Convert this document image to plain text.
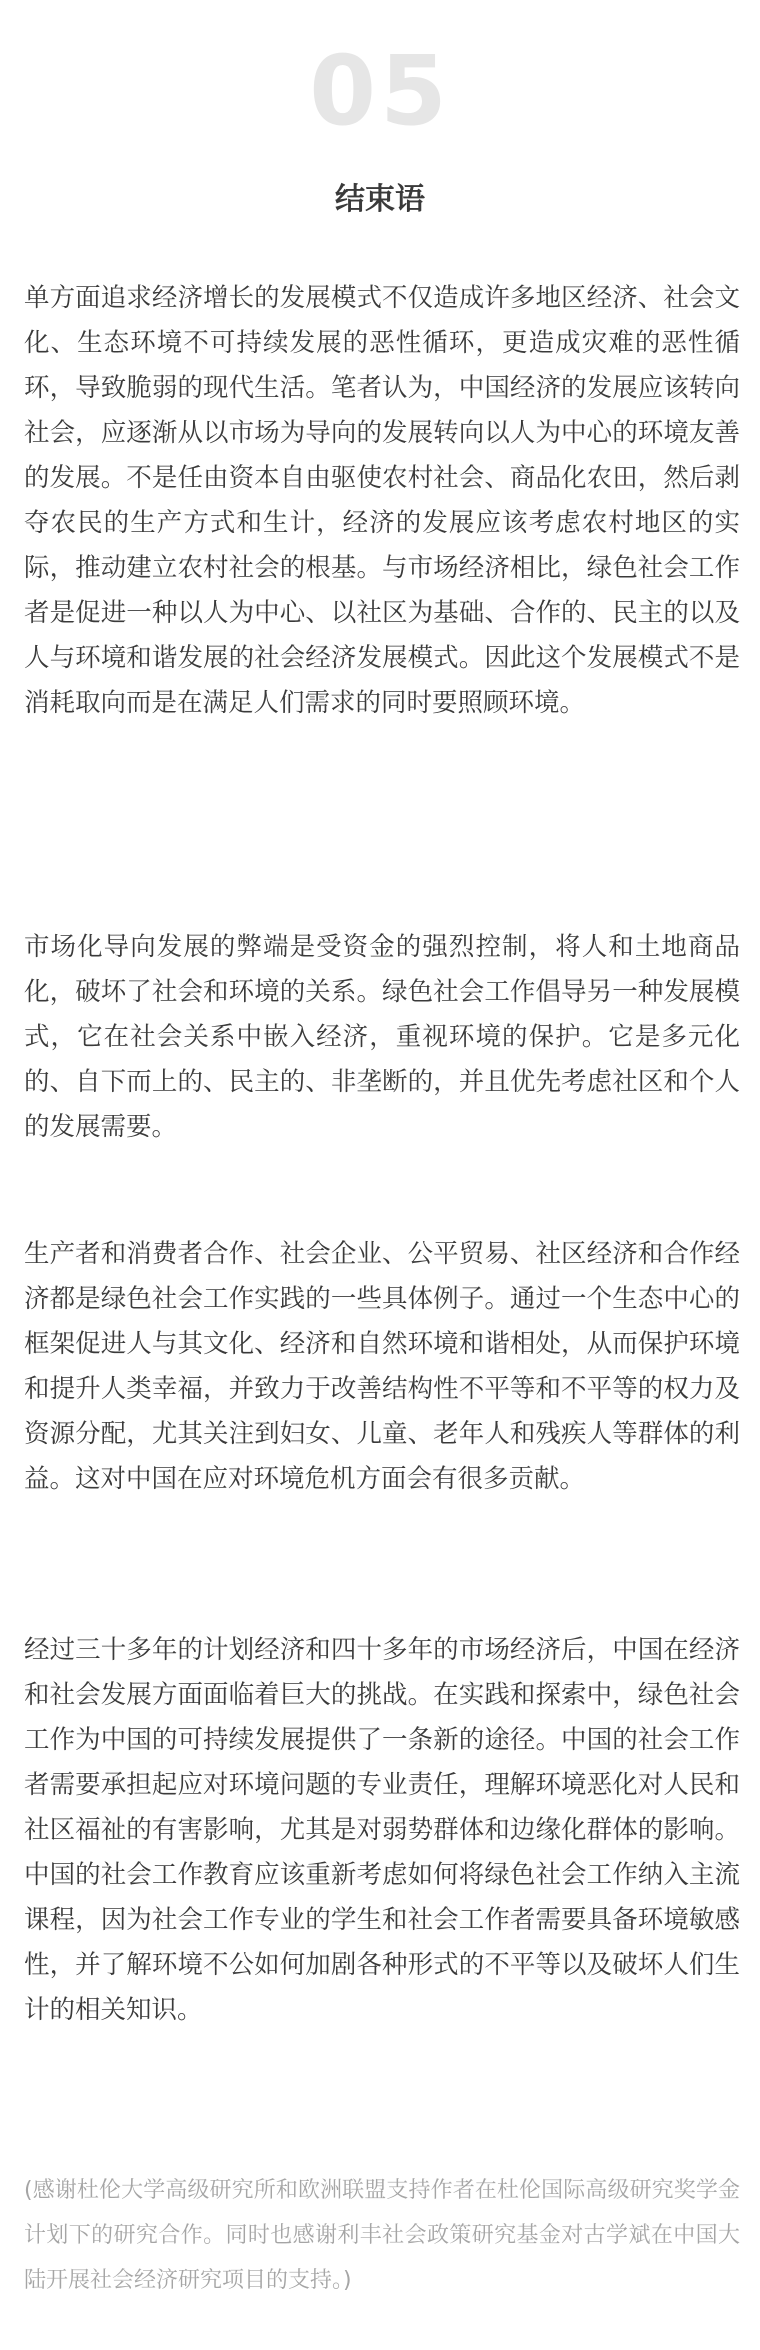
05
结束语

单方面追求经济增长的发展模式不仅造成许多地区经济、社会文化、生态环境不可持续发展的恶性循环，更造成灾难的恶性循环，导致脆弱的现代生活。笔者认为，中国经济的发展应该转向社会，应逐渐从以市场为导向的发展转向以人为中心的环境友善的发展。不是任由资本自由驱使农村社会、商品化农田，然后剥夺农民的生产方式和生计，经济的发展应该考虑农村地区的实际，推动建立农村社会的根基。与市场经济相比，绿色社会工作者是促进一种以人为中心、以社区为基础、合作的、民主的以及人与环境和谐发展的社会经济发展模式。因此这个发展模式不是消耗取向而是在满足人们需求的同时要照顾环境。

市场化导向发展的弊端是受资金的强烈控制，将人和土地商品化，破坏了社会和环境的关系。绿色社会工作倡导另一种发展模式，它在社会关系中嵌入经济，重视环境的保护。它是多元化的、自下而上的、民主的、非垄断的，并且优先考虑社区和个人的发展需要。

生产者和消费者合作、社会企业、公平贸易、社区经济和合作经济都是绿色社会工作实践的一些具体例子。通过一个生态中心的框架促进人与其文化、经济和自然环境和谐相处，从而保护环境和提升人类幸福，并致力于改善结构性不平等和不平等的权力及资源分配，尤其关注到妇女、儿童、老年人和残疾人等群体的利益。这对中国在应对环境危机方面会有很多贡献。

经过三十多年的计划经济和四十多年的市场经济后，中国在经济和社会发展方面面临着巨大的挑战。在实践和探索中，绿色社会工作为中国的可持续发展提供了一条新的途径。中国的社会工作者需要承担起应对环境问题的专业责任，理解环境恶化对人民和社区福祉的有害影响，尤其是对弱势群体和边缘化群体的影响。中国的社会工作教育应该重新考虑如何将绿色社会工作纳入主流课程，因为社会工作专业的学生和社会工作者需要具备环境敏感性，并了解环境不公如何加剧各种形式的不平等以及破坏人们生计的相关知识。

(感谢杜伦大学高级研究所和欧洲联盟支持作者在杜伦国际高级研究奖学金计划下的研究合作。同时也感谢利丰社会政策研究基金对古学斌在中国大陆开展社会经济研究项目的支持。)
